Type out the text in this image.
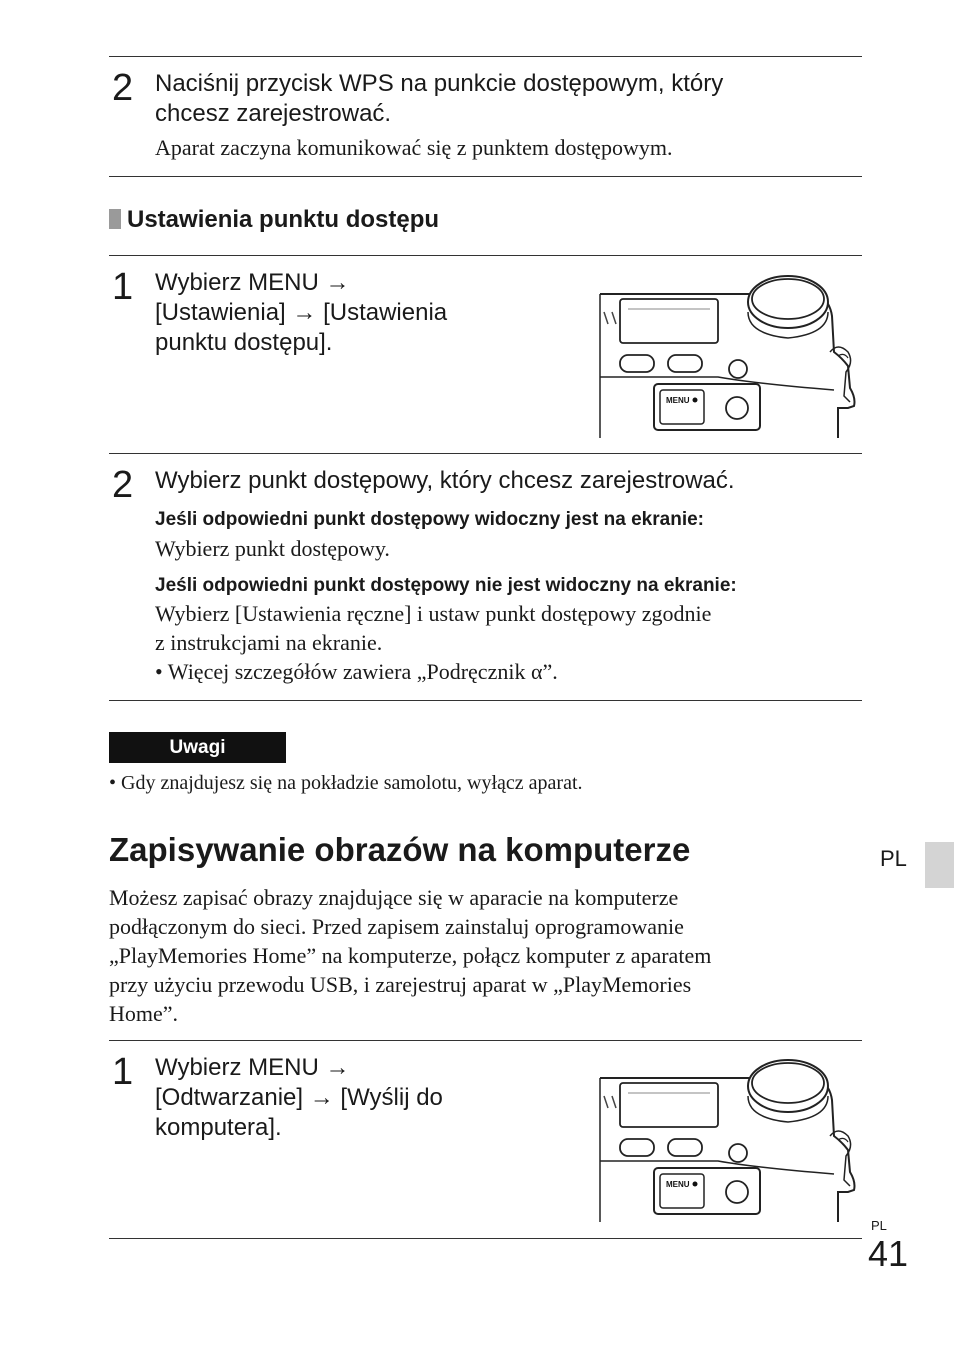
2 Naciśnij przycisk WPS na punkcie dostępowym, który
chcesz zarejestrować.
Aparat zaczyna komunikować się z punktem dostępowym.
Ustawienia punktu dostępu
1 Wybierz MENU →
[Ustawienia] → [Ustawienia
punktu dostępu].
MENU
2 Wybierz punkt dostępowy, który chcesz zarejestrować.
Jeśli odpowiedni punkt dostępowy widoczny jest na ekranie:
Wybierz punkt dostępowy.
Jeśli odpowiedni punkt dostępowy nie jest widoczny na ekranie:
Wybierz [Ustawienia ręczne] i ustaw punkt dostępowy zgodnie
z instrukcjami na ekranie.
• Więcej szczegółów zawiera „Podręcznik α”.
Uwagi
• Gdy znajdujesz się na pokładzie samolotu, wyłącz aparat.
Zapisywanie obrazów na komputerze
Możesz zapisać obrazy znajdujące się w aparacie na komputerze
podłączonym do sieci. Przed zapisem zainstaluj oprogramowanie
„PlayMemories Home” na komputerze, połącz komputer z aparatem
przy użyciu przewodu USB, i zarejestruj aparat w „PlayMemories
Home”.
1 Wybierz MENU →
[Odtwarzanie] → [Wyślij do
komputera].
MENU
PL
PL
41
